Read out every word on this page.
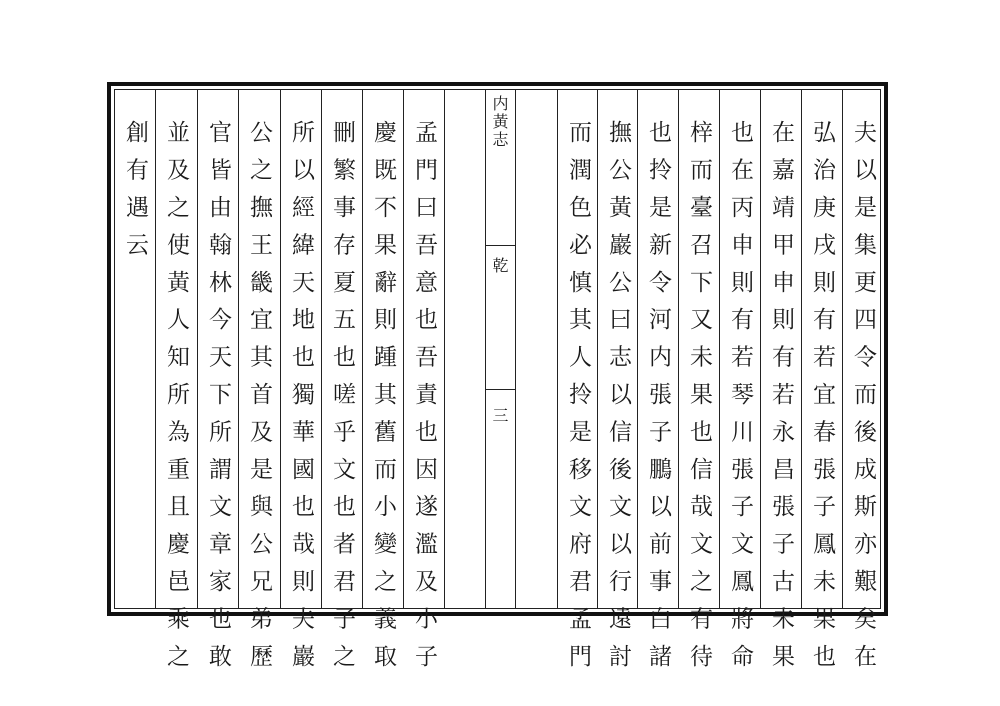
内黃志
乾
三	夫以是集更四令而後成斯亦艱矣在
弘治庚戌則有若宜春張子鳳未果也
在嘉靖甲申則有若永昌張子古未果
也在丙申則有若琴川張子文鳳將命
梓而臺召下又未果也信哉文之有待
也拎是新令河内張子鵬以前事白諸
撫公黃巖公曰志以信後文以行遠討
而潤色必慎其人拎是移文府君孟門
孟門曰吾意也吾責也因遂濫及小子
慶既不果辭則踵其舊而小變之義取
刪繁事存夏五也嗟乎文也者君子之
所以經緯天地也獨華國也哉則夫巖
公之撫王畿宜其首及是與公兄弟歷
官皆由翰林今天下所謂文章家也敢
並及之使黃人知所為重且慶邑乘之
創有遇云
